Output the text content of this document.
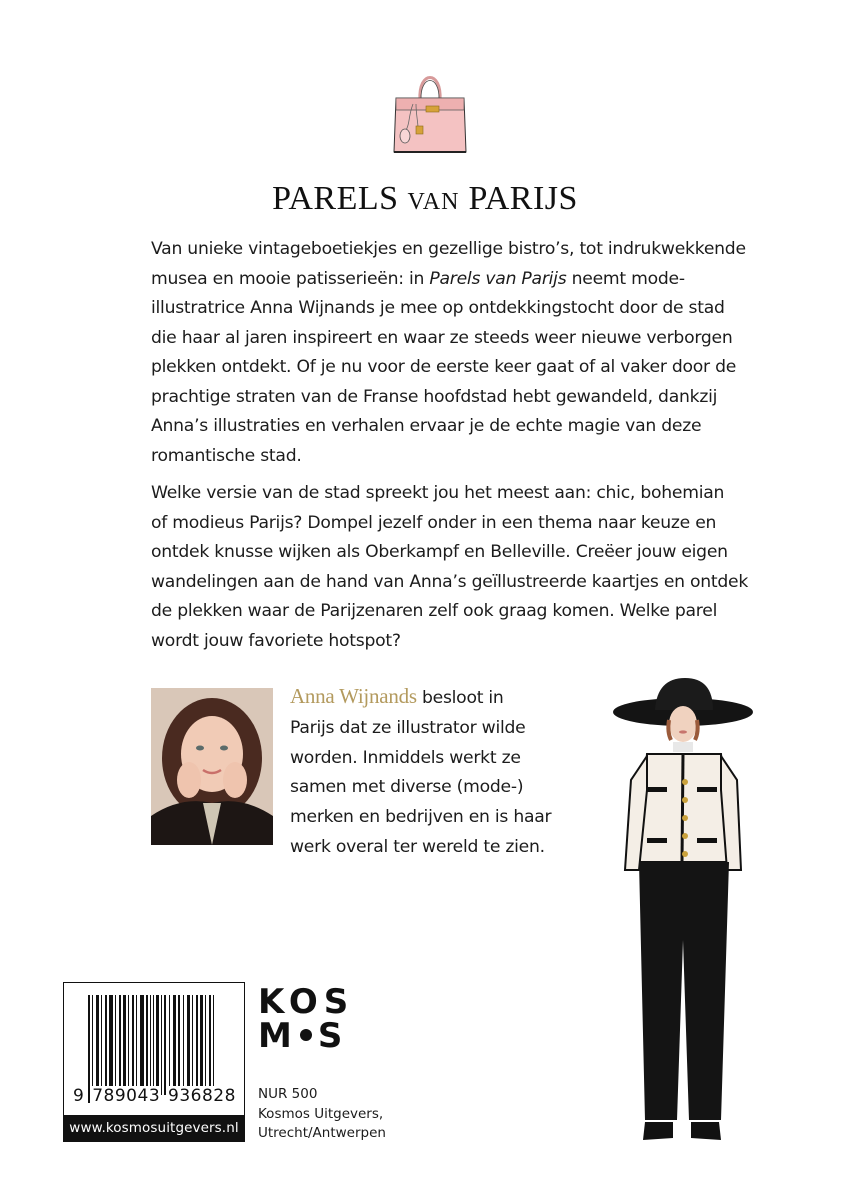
PARELS VAN PARIJS
Van unieke vintageboetiekjes en gezellige bistro’s, tot indrukwekkende
musea en mooie patisserieën: in Parels van Parijs neemt mode-
illustratrice Anna Wijnands je mee op ontdekkingstocht door de stad
die haar al jaren inspireert en waar ze steeds weer nieuwe verborgen
plekken ontdekt. Of je nu voor de eerste keer gaat of al vaker door de
prachtige straten van de Franse hoofdstad hebt gewandeld, dankzij
Anna’s illustraties en verhalen ervaar je de echte magie van deze
romantische stad.
Welke versie van de stad spreekt jou het meest aan: chic, bohemian
of modieus Parijs? Dompel jezelf onder in een thema naar keuze en
ontdek knusse wijken als Oberkampf en Belleville. Creëer jouw eigen
wandelingen aan de hand van Anna’s geïllustreerde kaartjes en ontdek
de plekken waar de Parijzenaren zelf ook graag komen. Welke parel
wordt jouw favoriete hotspot?
Anna Wijnands besloot in
Parijs dat ze illustrator wilde
worden. Inmiddels werkt ze
samen met diverse (mode-)
merken en bedrijven en is haar
werk overal ter wereld te zien.
9 789043 936828
www.kosmosuitgevers.nl
KOS
M S
NUR 500
Kosmos Uitgevers,
Utrecht/Antwerpen
